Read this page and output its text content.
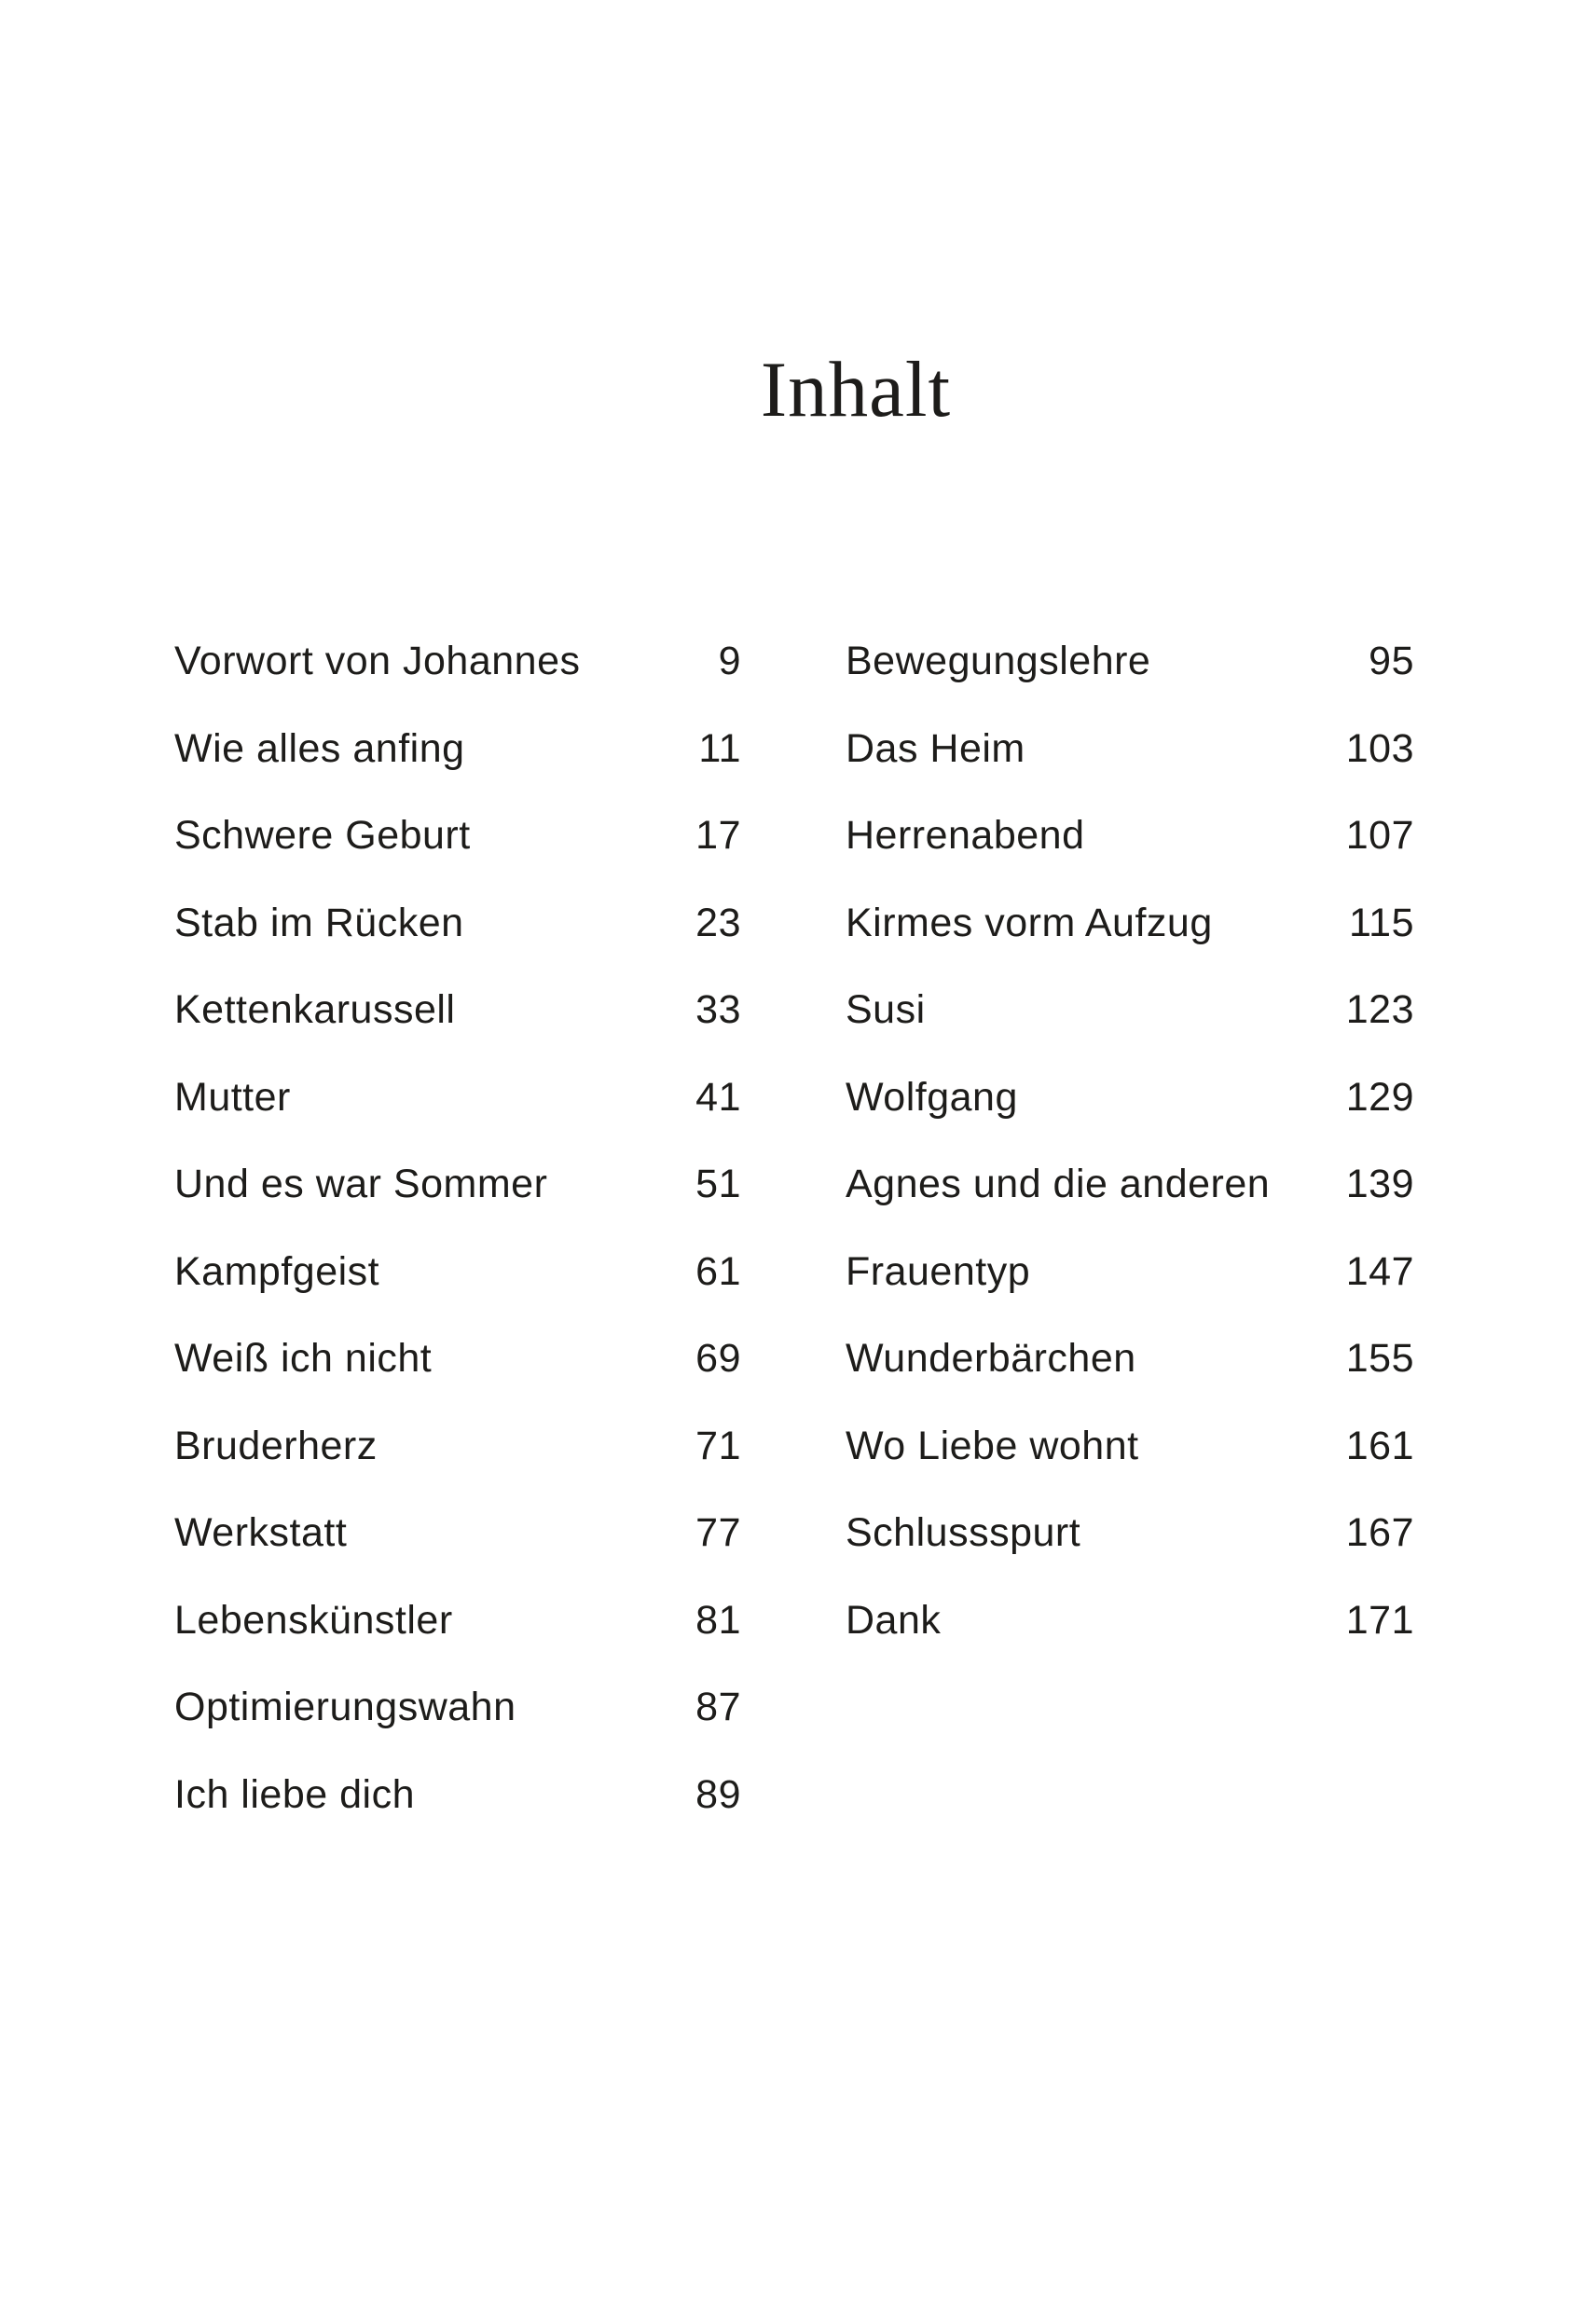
Inhalt
Vorwort von Johannes	9
Wie alles anfing	11
Schwere Geburt	17
Stab im Rücken	23
Kettenkarussell	33
Mutter	41
Und es war Sommer	51
Kampfgeist	61
Weiß ich nicht	69
Bruderherz	71
Werkstatt	77
Lebenskünstler	81
Optimierungswahn	87
Ich liebe dich	89
Bewegungslehre	95
Das Heim	103
Herrenabend	107
Kirmes vorm Aufzug	115
Susi	123
Wolfgang	129
Agnes und die anderen 139
Frauentyp	147
Wunderbärchen	155
Wo Liebe wohnt	161
Schlussspurt	167
Dank	171
